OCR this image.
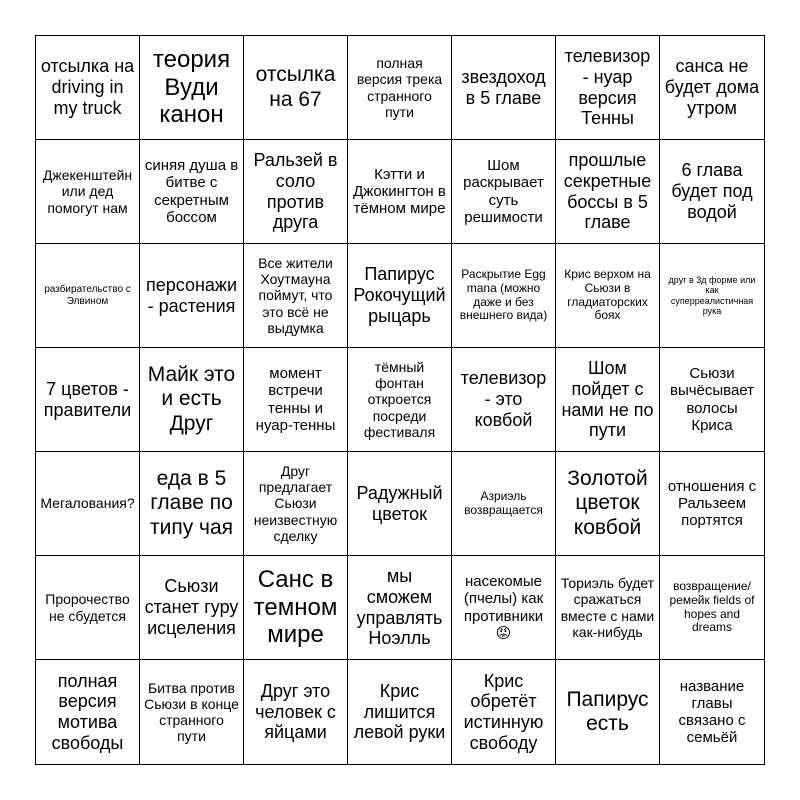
отсылка на driving in my truck
теория Вуди канон
отсылка на 67
полная версия трека странного пути
звездоход в 5 главе
телевизор - нуар версия Тенны
санса не будет дома утром
Джекенштейн или дед помогут нам
синяя душа в битве с секретным боссом
Ральзей в соло против друга
Кэтти и Джокингтон в тёмном мире
Шом раскрывает суть решимости
прошлые секретные боссы в 5 главе
6 глава будет под водой
разбирательство с Элвином
персонажи - растения
Все жители Хоутмауна поймут, что это всё не выдумка
Папирус Рокочущий рыцарь
Раскрытие Egg mana (можно даже и без внешнего вида)
Крис верхом на Сьюзи в гладиаторских боях
друг в 3д форме или как суперреалистичная рука
7 цветов - правители
Майк это и есть Друг
момент встречи тенны и нуар-тенны
тёмный фонтан откроется посреди фестиваля
телевизор - это ковбой
Шом пойдет с нами не по пути
Сьюзи вычёсывает волосы Криса
Мегалования?
еда в 5 главе по типу чая
Друг предлагает Сьюзи неизвестную сделку
Радужный цветок
Азриэль возвращается
Золотой цветок ковбой
отношения с Ральзеем портятся
Пророчество не сбудется
Сьюзи станет гуру исцеления
Санс в темном мире
мы сможем управлять Ноэлль
насекомые (пчелы) как противники 😡
Ториэль будет сражаться вместе с нами как-нибудь
возвращение/ремейк fields of hopes and dreams
полная версия мотива свободы
Битва против Сьюзи в конце странного пути
Друг это человек с яйцами
Крис лишится левой руки
Крис обретёт истинную свободу
Папирус есть
название главы связано с семьёй
